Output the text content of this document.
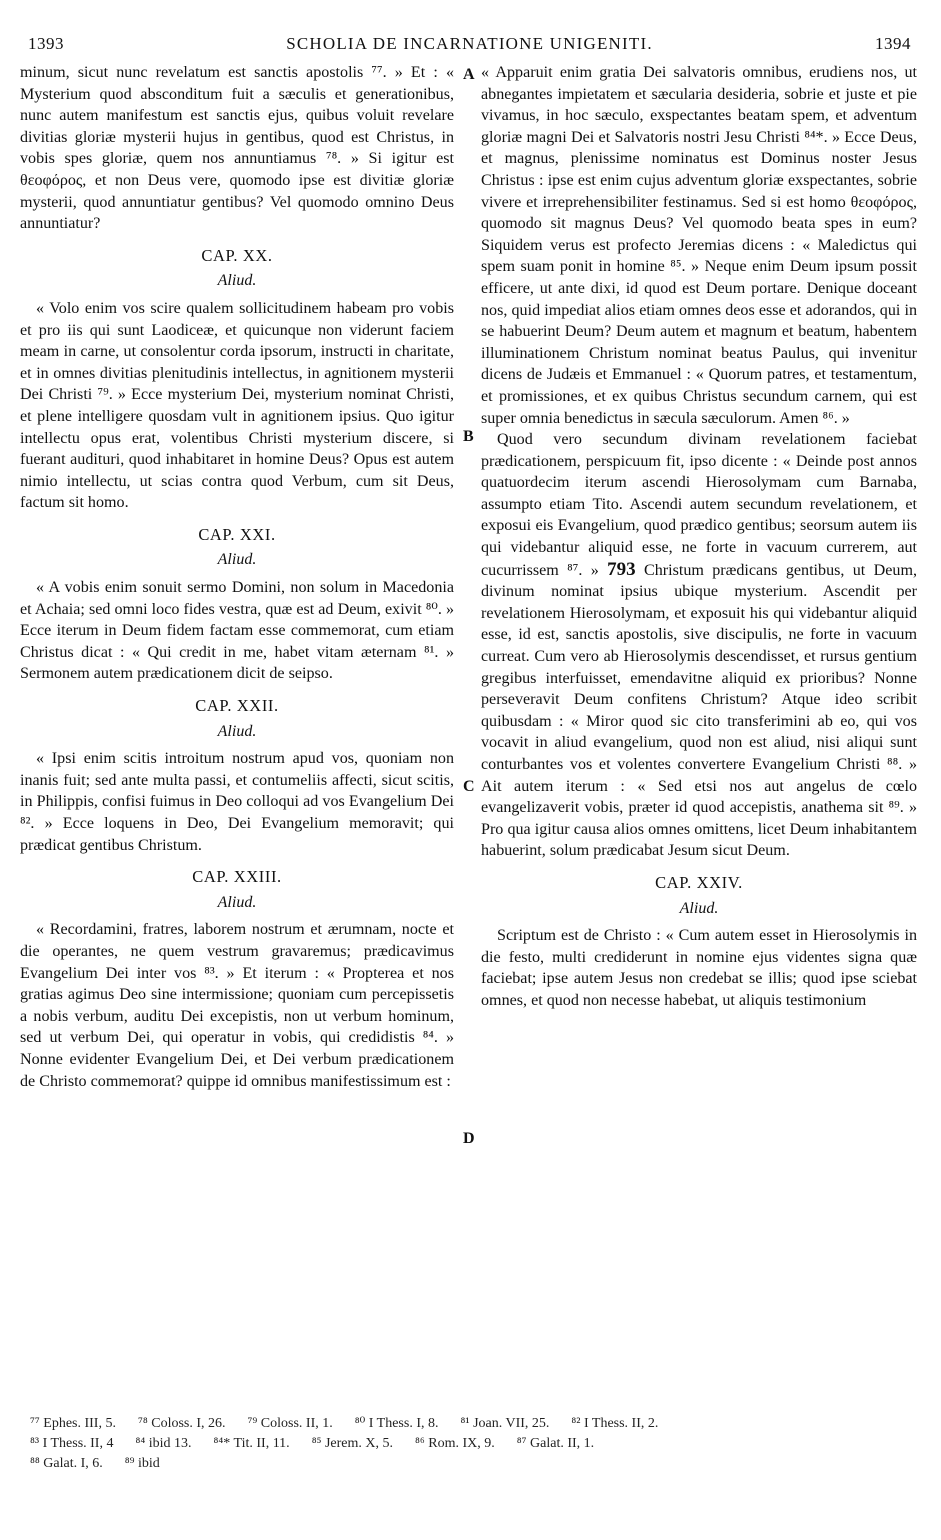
1393	SCHOLIA DE INCARNATIONE UNIGENITI.	1394

minum, sicut nunc revelatum est sanctis apostolis ⁷⁷. » Et : « Mysterium quod absconditum fuit a sæculis et generationibus, nunc autem manifestum est sanctis ejus, quibus voluit revelare divitias gloriæ mysterii hujus in gentibus, quod est Christus, in vobis spes gloriæ, quem nos annuntiamus ⁷⁸. » Si igitur est θεοφόρος, et non Deus vere, quomodo ipse est divitiæ gloriæ mysterii, quod annuntiatur gentibus? Vel quomodo omnino Deus annuntiatur?

CAP. XX.
Aliud.

« Volo enim vos scire qualem sollicitudinem habeam pro vobis et pro iis qui sunt Laodiceæ, et quicunque non viderunt faciem meam in carne, ut consolentur corda ipsorum, instructi in charitate, et in omnes divitias plenitudinis intellectus, in agnitionem mysterii Dei Christi ⁷⁹. » Ecce mysterium Dei, mysterium nominat Christi, et plene intelligere quosdam vult in agnitionem ipsius. Quo igitur intellectu opus erat, volentibus Christi mysterium discere, si fuerant audituri, quod inhabitaret in homine Deus? Opus est autem nimio intellectu, ut scias contra quod Verbum, cum sit Deus, factum sit homo.

CAP. XXI.
Aliud.

« A vobis enim sonuit sermo Domini, non solum in Macedonia et Achaia; sed omni loco fides vestra, quæ est ad Deum, exivit ⁸⁰. » Ecce iterum in Deum fidem factam esse commemorat, cum etiam Christus dicat : « Qui credit in me, habet vitam æternam ⁸¹. » Sermonem autem prædicationem dicit de seipso.

CAP. XXII.
Aliud.

« Ipsi enim scitis introitum nostrum apud vos, quoniam non inanis fuit; sed ante multa passi, et contumeliis affecti, sicut scitis, in Philippis, confisi fuimus in Deo colloqui ad vos Evangelium Dei ⁸². » Ecce loquens in Deo, Dei Evangelium memoravit; qui prædicat gentibus Christum.

CAP. XXIII.
Aliud.

« Recordamini, fratres, laborem nostrum et ærumnam, nocte et die operantes, ne quem vestrum gravaremus; prædicavimus Evangelium Dei inter vos ⁸³. » Et iterum : « Propterea et nos gratias agimus Deo sine intermissione; quoniam cum percepissetis a nobis verbum, auditu Dei excepistis, non ut verbum hominum, sed ut verbum Dei, qui operatur in vobis, qui credidistis ⁸⁴. » Nonne evidenter Evangelium Dei, et Dei verbum prædicationem de Christo commemorat? quippe id omnibus manifestissimum est :

A
B
C
D

« Apparuit enim gratia Dei salvatoris omnibus, erudiens nos, ut abnegantes impietatem et sæcularia desideria, sobrie et juste et pie vivamus, in hoc sæculo, exspectantes beatam spem, et adventum gloriæ magni Dei et Salvatoris nostri Jesu Christi ⁸⁴*. » Ecce Deus, et magnus, plenissime nominatus est Dominus noster Jesus Christus : ipse est enim cujus adventum gloriæ exspectantes, sobrie vivere et irreprehensibiliter festinamus. Sed si est homo θεοφόρος, quomodo sit magnus Deus? Vel quomodo beata spes in eum? Siquidem verus est profecto Jeremias dicens : « Maledictus qui spem suam ponit in homine ⁸⁵. » Neque enim Deum ipsum possit efficere, ut ante dixi, id quod est Deum portare. Denique doceant nos, quid impediat alios etiam omnes deos esse et adorandos, qui in se habuerint Deum? Deum autem et magnum et beatum, habentem illuminationem Christum nominat beatus Paulus, qui invenitur dicens de Judæis et Emmanuel : « Quorum patres, et testamentum, et promissiones, et ex quibus Christus secundum carnem, qui est super omnia benedictus in sæcula sæculorum. Amen ⁸⁶. »

Quod vero secundum divinam revelationem faciebat prædicationem, perspicuum fit, ipso dicente : « Deinde post annos quatuordecim iterum ascendi Hierosolymam cum Barnaba, assumpto etiam Tito. Ascendi autem secundum revelationem, et exposui eis Evangelium, quod prædico gentibus; seorsum autem iis qui videbantur aliquid esse, ne forte in vacuum currerem, aut cucurrissem ⁸⁷. » 793 Christum prædicans gentibus, ut Deum, divinum nominat ipsius ubique mysterium. Ascendit per revelationem Hierosolymam, et exposuit his qui videbantur aliquid esse, id est, sanctis apostolis, sive discipulis, ne forte in vacuum curreat. Cum vero ab Hierosolymis descendisset, et rursus gentium gregibus interfuisset, emendavitne aliquid ex prioribus? Nonne perseveravit Deum confitens Christum? Atque ideo scribit quibusdam : « Miror quod sic cito transferimini ab eo, qui vos vocavit in aliud evangelium, quod non est aliud, nisi aliqui sunt conturbantes vos et volentes convertere Evangelium Christi ⁸⁸. » Ait autem iterum : « Sed etsi nos aut angelus de cœlo evangelizaverit vobis, præter id quod accepistis, anathema sit ⁸⁹. » Pro qua igitur causa alios omnes omittens, licet Deum inhabitantem habuerint, solum prædicabat Jesum sicut Deum.

CAP. XXIV.
Aliud.

Scriptum est de Christo : « Cum autem esset in Hierosolymis in die festo, multi crediderunt in nomine ejus videntes signa quæ faciebat; ipse autem Jesus non credebat se illis; quod ipse sciebat omnes, et quod non necesse habebat, ut aliquis testimonium

⁷⁷ Ephes. III, 5. ⁷⁸ Coloss. I, 26. ⁷⁹ Coloss. II, 1. ⁸⁰ I Thess. I, 8. ⁸¹ Joan. VII, 25. ⁸² I Thess. II, 2.
⁸³ I Thess. II, 4 ⁸⁴ ibid 13. ⁸⁴* Tit. II, 11. ⁸⁵ Jerem. X, 5. ⁸⁶ Rom. IX, 9. ⁸⁷ Galat. II, 1.
⁸⁸ Galat. I, 6. ⁸⁹ ibid
